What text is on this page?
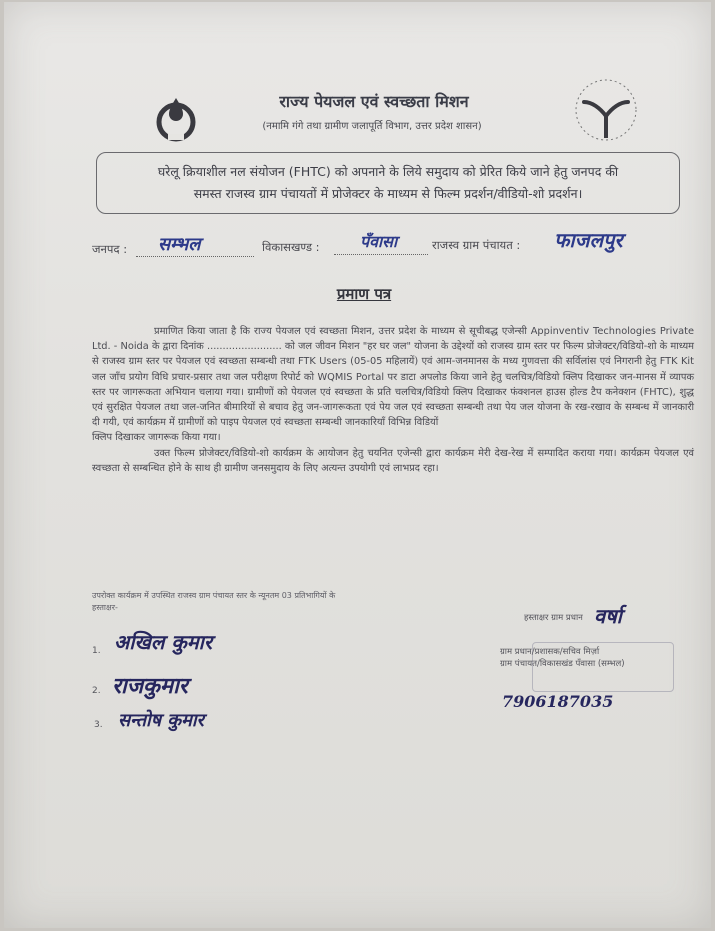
राज्य पेयजल एवं स्वच्छता मिशन
(नमामि गंगे तथा ग्रामीण जलापूर्ति विभाग, उत्तर प्रदेश शासन)
घरेलू क्रियाशील नल संयोजन (FHTC) को अपनाने के लिये समुदाय को प्रेरित किये जाने हेतु जनपद की
समस्त राजस्व ग्राम पंचायतों में प्रोजेक्टर के माध्यम से फिल्म प्रदर्शन/वीडियो-शो प्रदर्शन।
जनपद : सम्भल	विकासखण्ड :	पँवासा	राजस्व ग्राम पंचायत : फाजलपुर
प्रमाण पत्र

प्रमाणित किया जाता है कि राज्य पेयजल एवं स्वच्छता मिशन, उत्तर प्रदेश के माध्यम से सूचीबद्ध एजेन्सी Appinventiv Technologies Private Ltd. - Noida के द्वारा दिनांक ........................ को जल जीवन मिशन "हर घर जल" योजना के उद्देश्यों को राजस्व ग्राम स्तर पर फिल्म प्रोजेक्टर/विडियो-शो के माध्यम से राजस्व ग्राम स्तर पर पेयजल एवं स्वच्छता सम्बन्धी तथा FTK Users (05-05 महिलायें) एवं आम-जनमानस के मध्य गुणवत्ता की सर्विलांस एवं निगरानी हेतु FTK Kit जल जाँच प्रयोग विधि प्रचार-प्रसार तथा जल परीक्षण रिपोर्ट को WQMIS Portal पर डाटा अपलोड किया जाने हेतु चलचित्र/विडियो क्लिप दिखाकर जन-मानस में व्यापक स्तर पर जागरूकता अभियान चलाया गया। ग्रामीणों को पेयजल एवं स्वच्छता के प्रति चलचित्र/विडियो क्लिप दिखाकर फंक्शनल हाउस होल्ड टैप कनेक्शन (FHTC), शुद्ध एवं सुरक्षित पेयजल तथा जल-जनित बीमारियों से बचाव हेतु जन-जागरूकता एवं पेय जल एवं स्वच्छता सम्बन्धी तथा पेय जल योजना के रख-रखाव के सम्बन्ध में जानकारी दी गयी, एवं कार्यक्रम में ग्रामीणों को पाइप पेयजल एवं स्वच्छता सम्बन्धी जानकारियाँ विभिन्न विडियों

क्लिप दिखाकर जागरूक किया गया।

उक्त फिल्म प्रोजेक्टर/विडियो-शो कार्यक्रम के आयोजन हेतु चयनित एजेन्सी द्वारा कार्यक्रम मेरी देख-रेख में सम्पादित कराया गया। कार्यक्रम पेयजल एवं स्वच्छता से सम्बन्धित होने के साथ ही ग्रामीण जनसमुदाय के लिए अत्यन्त उपयोगी एवं लाभप्रद रहा।

उपरोक्त कार्यक्रम में उपस्थित राजस्व ग्राम पंचायत स्तर के न्यूनतम 03 प्रतिभागियों के
हस्ताक्षर-
1. अखिल कुमार
2. राजकुमार
3. सन्तोष कुमार
वर्षा
हस्ताक्षर ग्राम प्रधान
ग्राम प्रधान/प्रशासक/सचिव मिर्ज़ा
ग्राम पंचायत/विकासखंड पँवासा (सम्भल)
7906187035
